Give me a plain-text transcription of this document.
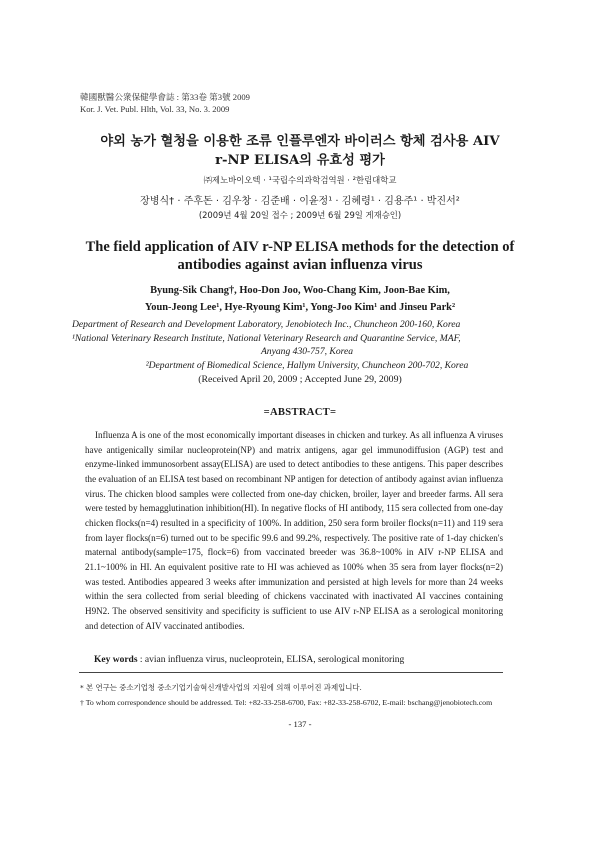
韓國獸醫公衆保健學會誌 : 第33卷 第3號 2009
Kor. J. Vet. Publ. Hlth, Vol. 33, No. 3. 2009
야외 농가 혈청을 이용한 조류 인플루엔자 바이러스 항체 검사용 AIV
r-NP ELISA의 유효성 평가
㈜제노바이오텍 · ¹국립수의과학검역원 · ²한림대학교
장병식† · 주후돈 · 김우창 · 김준배 · 이윤정¹ · 김혜령¹ · 김용주¹ · 박진서²
(2009년 4월 20일 접수 ; 2009년 6월 29일 게재승인)
The field application of AIV r-NP ELISA methods for the detection of
antibodies against avian influenza virus
Byung-Sik Chang†, Hoo-Don Joo, Woo-Chang Kim, Joon-Bae Kim,
Youn-Jeong Lee¹, Hye-Ryoung Kim¹, Yong-Joo Kim¹ and Jinseu Park²
Department of Research and Development Laboratory, Jenobiotech Inc., Chuncheon 200-160, Korea
¹National Veterinary Research Institute, National Veterinary Research and Quarantine Service, MAF,
Anyang 430-757, Korea
²Department of Biomedical Science, Hallym University, Chuncheon 200-702, Korea
(Received April 20, 2009 ; Accepted June 29, 2009)
=ABSTRACT=

Influenza A is one of the most economically important diseases in chicken and turkey. As all influenza A viruses have antigenically similar nucleoprotein(NP) and matrix antigens, agar gel immunodiffusion (AGP) test and enzyme-linked immunosorbent assay(ELISA) are used to detect antibodies to these antigens. This paper describes the evaluation of an ELISA test based on recombinant NP antigen for detection of antibody against avian influenza virus. The chicken blood samples were collected from one-day chicken, broiler, layer and breeder farms. All sera were tested by hemagglutination inhibition(HI). In negative flocks of HI antibody, 115 sera collected from one-day chicken flocks(n=4) resulted in a specificity of 100%. In addition, 250 sera form broiler flocks(n=11) and 119 sera from layer flocks(n=6) turned out to be specific 99.6 and 99.2%, respectively. The positive rate of 1-day chicken's maternal antibody(sample=175, flock=6) from vaccinated breeder was 36.8~100% in AIV r-NP ELISA and 21.1~100% in HI. An equivalent positive rate to HI was achieved as 100% when 35 sera from layer flocks(n=2) was tested. Antibodies appeared 3 weeks after immunization and persisted at high levels for more than 24 weeks within the sera collected from serial bleeding of chickens vaccinated with inactivated AI vaccines containing H9N2. The observed sensitivity and specificity is sufficient to use AIV r-NP ELISA as a serological monitoring and detection of AIV vaccinated antibodies.

Key words : avian influenza virus, nucleoprotein, ELISA, serological monitoring
* 본 연구는 중소기업청 중소기업기술혁신개발사업의 지원에 의해 이루어진 과제입니다.
† To whom correspondence should be addressed. Tel: +82-33-258-6700, Fax: +82-33-258-6702, E-mail: bschang@jenobiotech.com
- 137 -
